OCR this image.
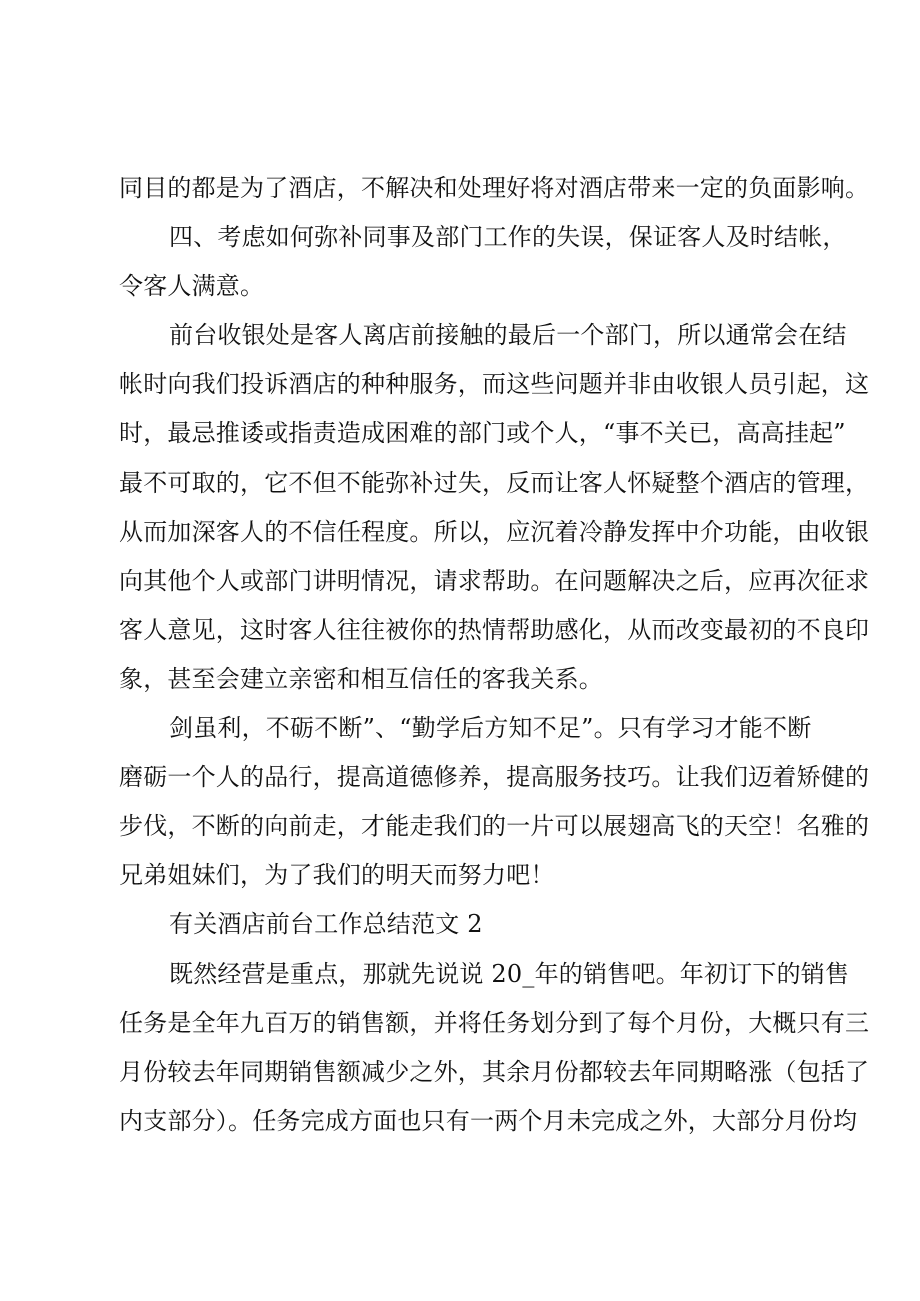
同目的都是为了酒店，不解决和处理好将对酒店带来一定的负面影响。
四、考虑如何弥补同事及部门工作的失误，保证客人及时结帐，
令客人满意。
前台收银处是客人离店前接触的最后一个部门，所以通常会在结
帐时向我们投诉酒店的种种服务，而这些问题并非由收银人员引起，这
时，最忌推诿或指责造成困难的部门或个人，“事不关已，高高挂起”
最不可取的，它不但不能弥补过失，反而让客人怀疑整个酒店的管理，
从而加深客人的不信任程度。所以，应沉着冷静发挥中介功能，由收银
向其他个人或部门讲明情况，请求帮助。在问题解决之后，应再次征求
客人意见，这时客人往往被你的热情帮助感化，从而改变最初的不良印
象，甚至会建立亲密和相互信任的客我关系。
剑虽利，不砺不断”、“勤学后方知不足”。只有学习才能不断
磨砺一个人的品行，提高道德修养，提高服务技巧。让我们迈着矫健的
步伐，不断的向前走，才能走我们的一片可以展翅高飞的天空！名雅的
兄弟姐妹们，为了我们的明天而努力吧！
有关酒店前台工作总结范文 2
既然经营是重点，那就先说说 20_年的销售吧。年初订下的销售
任务是全年九百万的销售额，并将任务划分到了每个月份，大概只有三
月份较去年同期销售额减少之外，其余月份都较去年同期略涨（包括了
内支部分）。任务完成方面也只有一两个月未完成之外，大部分月份均
